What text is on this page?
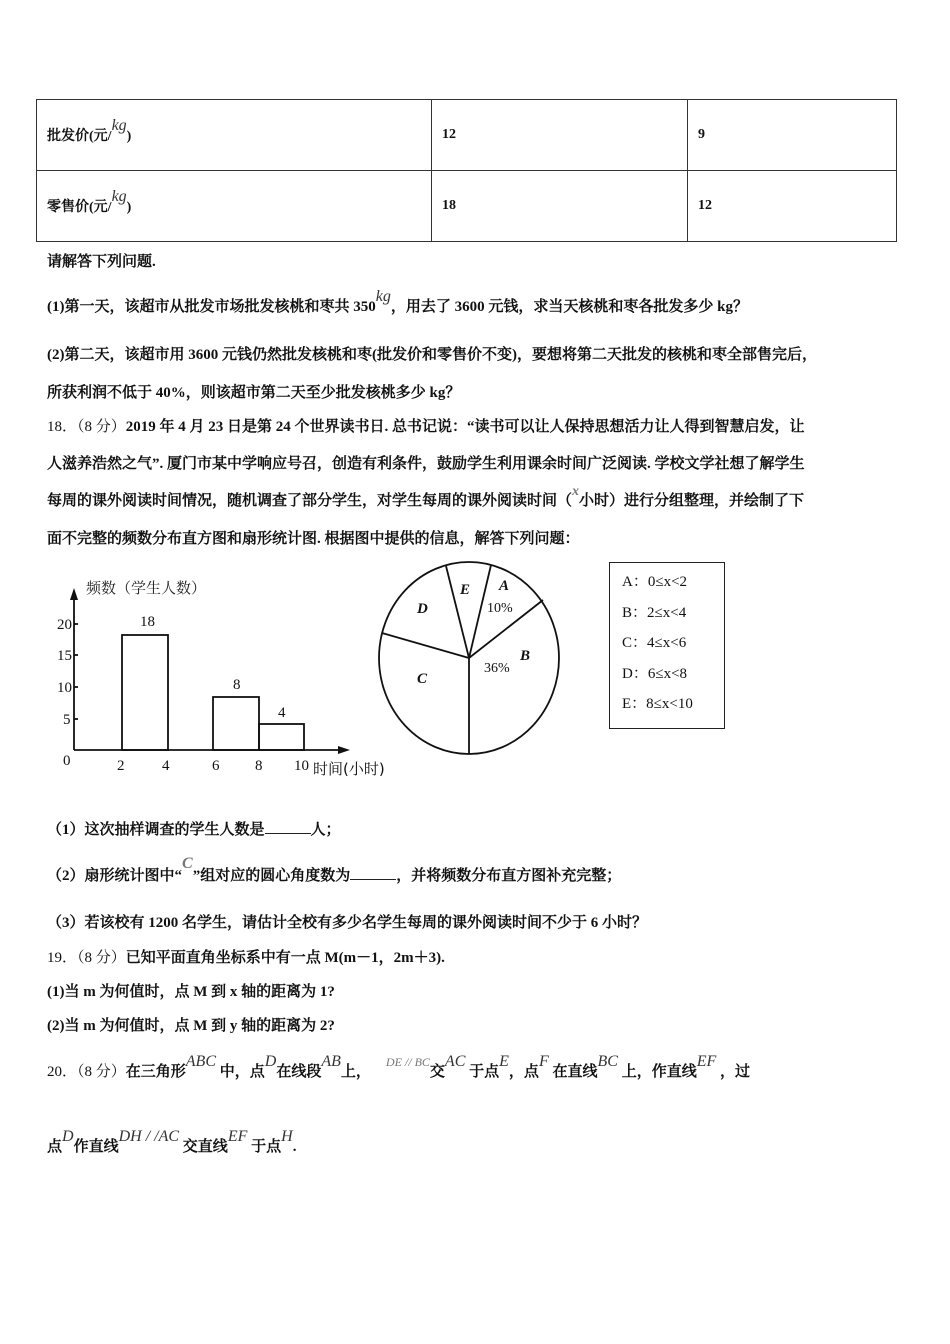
批发价(元/kg)	12	9
零售价(元/kg)	18	12
请解答下列问题.
(1)第一天，该超市从批发市场批发核桃和枣共 350kg，用去了 3600 元钱，求当天核桃和枣各批发多少 kg？
(2)第二天，该超市用 3600 元钱仍然批发核桃和枣(批发价和零售价不变)，要想将第二天批发的核桃和枣全部售完后，
所获利润不低于 40%，则该超市第二天至少批发核桃多少 kg？
18．（8 分）2019 年 4 月 23 日是第 24 个世界读书日. 总书记说：“读书可以让人保持思想活力让人得到智慧启发，让
人滋养浩然之气”. 厦门市某中学响应号召，创造有利条件，鼓励学生利用课余时间广泛阅读. 学校文学社想了解学生
每周的课外阅读时间情况，随机调查了部分学生，对学生每周的课外阅读时间（x小时）进行分组整理，并绘制了下
面不完整的频数分布直方图和扇形统计图. 根据图中提供的信息，解答下列问题：
频数（学生人数）
20
15
10
5
18
8
4
0	2	4	6 8 10 时间(小时)
A
10%
B
36%
C
D
E	A：0≤x<2
B：2≤x<4
C：4≤x<6
D：6≤x<8
E：8≤x<10
（1）这次抽样调查的学生人数是	人；
（2）扇形统计图中“C”组对应的圆心角度数为	，并将频数分布直方图补充完整；
（3）若该校有 1200 名学生，请估计全校有多少名学生每周的课外阅读时间不少于 6 小时？
19．（8 分）已知平面直角坐标系中有一点 M(m－1，2m＋3).
(1)当 m 为何值时，点 M 到 x 轴的距离为 1?
(2)当 m 为何值时，点 M 到 y 轴的距离为 2?
20．（8 分）在三角形ABC 中，点D在线段AB上，    $^{DE // BC}$交AC 于点E，点F 在直线BC 上，作直线EF ，过
点D作直线DH / /AC 交直线EF 于点H.
